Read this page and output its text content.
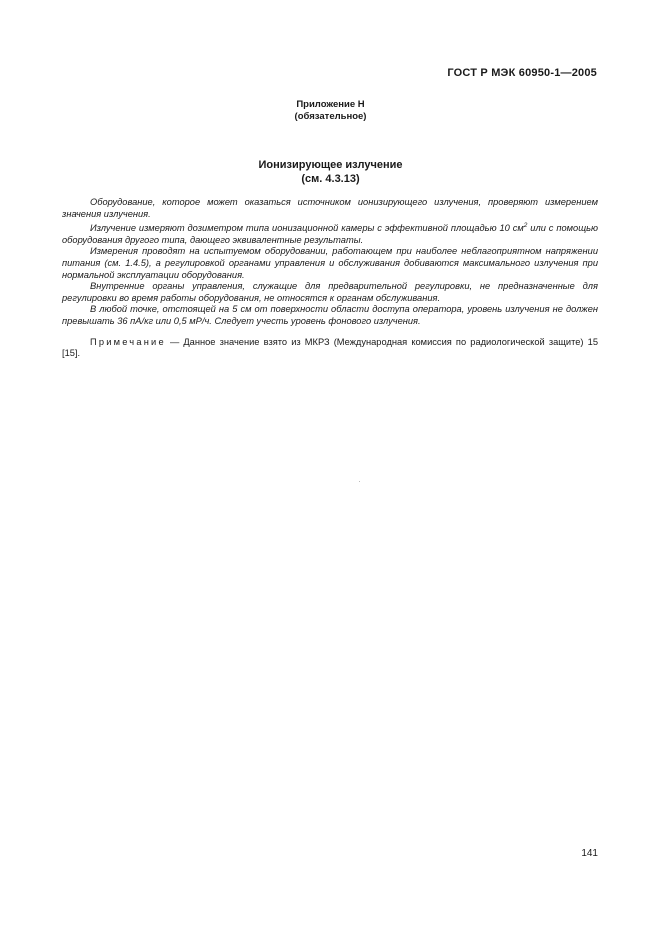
ГОСТ Р МЭК 60950-1—2005
Приложение Н
(обязательное)
Ионизирующее излучение
(см. 4.3.13)

Оборудование, которое может оказаться источником ионизирующего излучения, проверяют измерением значения излучения.

Излучение измеряют дозиметром типа ионизационной камеры с эффективной площадью 10 $см^2$ или с помощью оборудования другого типа, дающего эквивалентные результаты.

Измерения проводят на испытуемом оборудовании, работающем при наиболее неблагоприятном напряжении питания (см. 1.4.5), а регулировкой органами управления и обслуживания добиваются максимального излучения при нормальной эксплуатации оборудования.

Внутренние органы управления, служащие для предварительной регулировки, не предназначенные для регулировки во время работы оборудования, не относятся к органам обслуживания.

В любой точке, отстоящей на 5 см от поверхности области доступа оператора, уровень излучения не должен превышать 36 пА/кг или 0,5 мР/ч. Следует учесть уровень фонового излучения.

Примечание — Данное значение взято из МКРЗ (Международная комиссия по радиологической защите) 15 [15].

141
